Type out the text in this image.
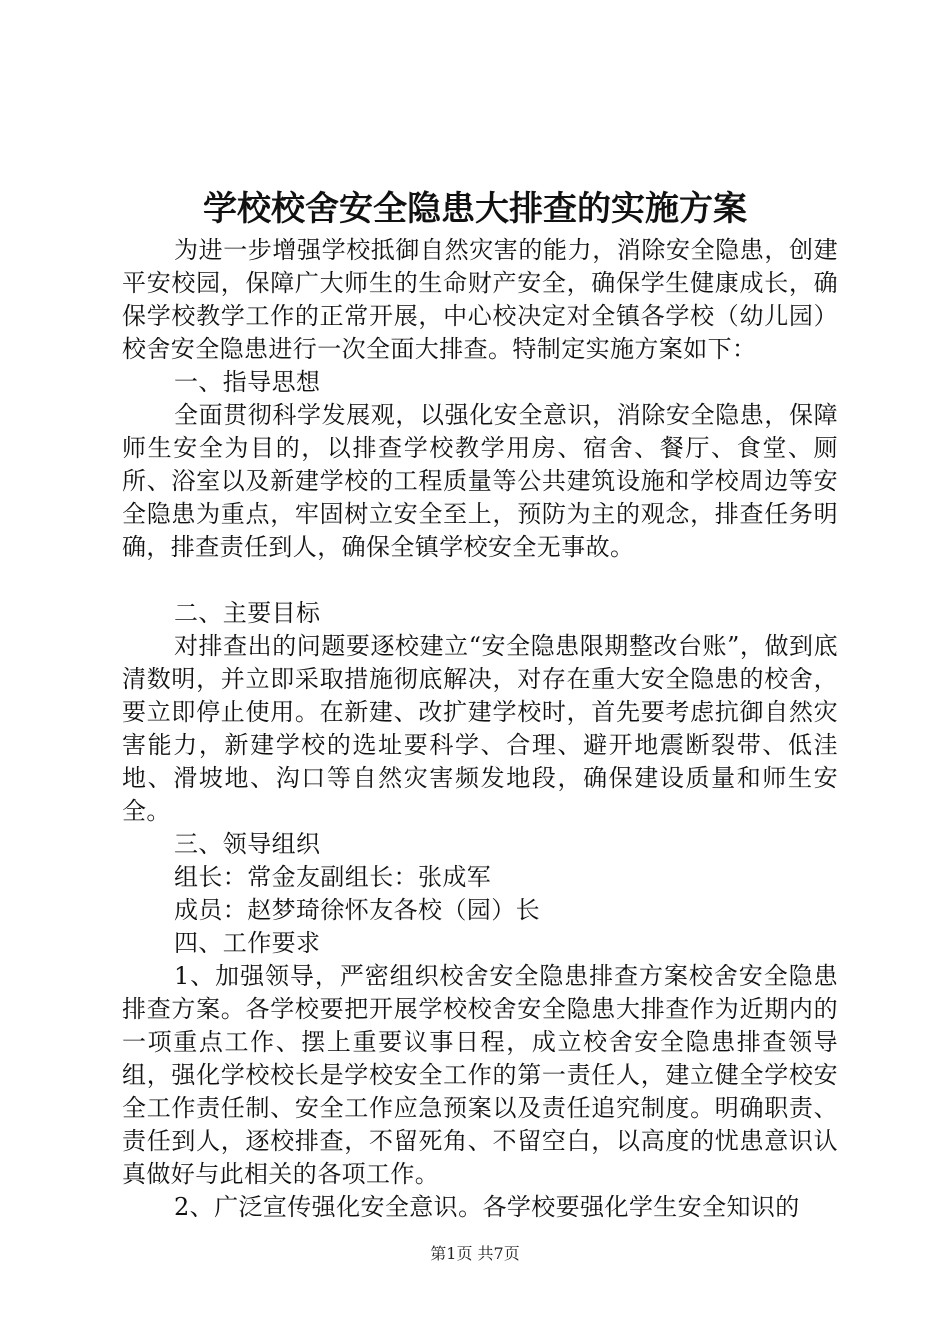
学校校舍安全隐患大排查的实施方案

为进一步增强学校抵御自然灾害的能力，消除安全隐患，创建平安校园，保障广大师生的生命财产安全，确保学生健康成长，确保学校教学工作的正常开展，中心校决定对全镇各学校（幼儿园）校舍安全隐患进行一次全面大排查。特制定实施方案如下：

一、指导思想

全面贯彻科学发展观，以强化安全意识，消除安全隐患，保障师生安全为目的，以排查学校教学用房、宿舍、餐厅、食堂、厕所、浴室以及新建学校的工程质量等公共建筑设施和学校周边等安全隐患为重点，牢固树立安全至上，预防为主的观念，排查任务明确，排查责任到人，确保全镇学校安全无事故。

二、主要目标

对排查出的问题要逐校建立“安全隐患限期整改台账”，做到底清数明，并立即采取措施彻底解决，对存在重大安全隐患的校舍，要立即停止使用。在新建、改扩建学校时，首先要考虑抗御自然灾害能力，新建学校的选址要科学、合理、避开地震断裂带、低洼地、滑坡地、沟口等自然灾害频发地段，确保建设质量和师生安全。

三、领导组织

组长：常金友副组长：张成军

成员：赵梦琦徐怀友各校（园）长

四、工作要求

1、加强领导，严密组织校舍安全隐患排查方案校舍安全隐患排查方案。各学校要把开展学校校舍安全隐患大排查作为近期内的一项重点工作、摆上重要议事日程，成立校舍安全隐患排查领导组，强化学校校长是学校安全工作的第一责任人，建立健全学校安全工作责任制、安全工作应急预案以及责任追究制度。明确职责、责任到人，逐校排查，不留死角、不留空白，以高度的忧患意识认真做好与此相关的各项工作。

2、广泛宣传强化安全意识。各学校要强化学生安全知识的

第1页 共7页
